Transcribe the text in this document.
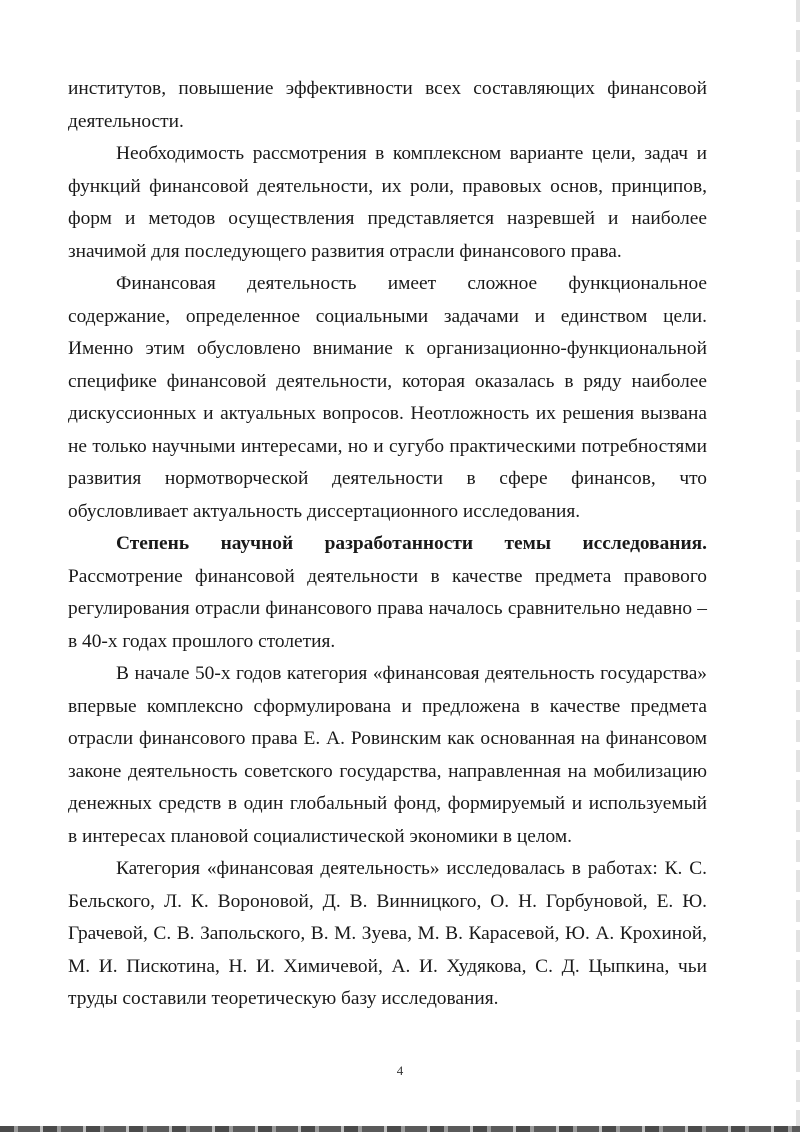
институтов, повышение эффективности всех составляющих финансовой деятельности.

Необходимость рассмотрения в комплексном варианте цели, задач и функций финансовой деятельности, их роли, правовых основ, принципов, форм и методов осуществления представляется назревшей и наиболее значимой для последующего развития отрасли финансового права.

Финансовая деятельность имеет сложное функциональное содержание, определенное социальными задачами и единством цели. Именно этим обусловлено внимание к организационно-функциональной специфике финансовой деятельности, которая оказалась в ряду наиболее дискуссионных и актуальных вопросов. Неотложность их решения вызвана не только научными интересами, но и сугубо практическими потребностями развития нормотворческой деятельности в сфере финансов, что обусловливает актуальность диссертационного исследования.

Степень научной разработанности темы исследования. Рассмотрение финансовой деятельности в качестве предмета правового регулирования отрасли финансового права началось сравнительно недавно – в 40-х годах прошлого столетия.

В начале 50-х годов категория «финансовая деятельность государства» впервые комплексно сформулирована и предложена в качестве предмета отрасли финансового права Е. А. Ровинским как основанная на финансовом законе деятельность советского государства, направленная на мобилизацию денежных средств в один глобальный фонд, формируемый и используемый в интересах плановой социалистической экономики в целом.

Категория «финансовая деятельность» исследовалась в работах: К. С. Бельского, Л. К. Вороновой, Д. В. Винницкого, О. Н. Горбуновой, Е. Ю. Грачевой, С. В. Запольского, В. М. Зуева, М. В. Карасевой, Ю. А. Крохиной, М. И. Пискотина, Н. И. Химичевой, А. И. Худякова, С. Д. Цыпкина, чьи труды составили теоретическую базу исследования.

4
